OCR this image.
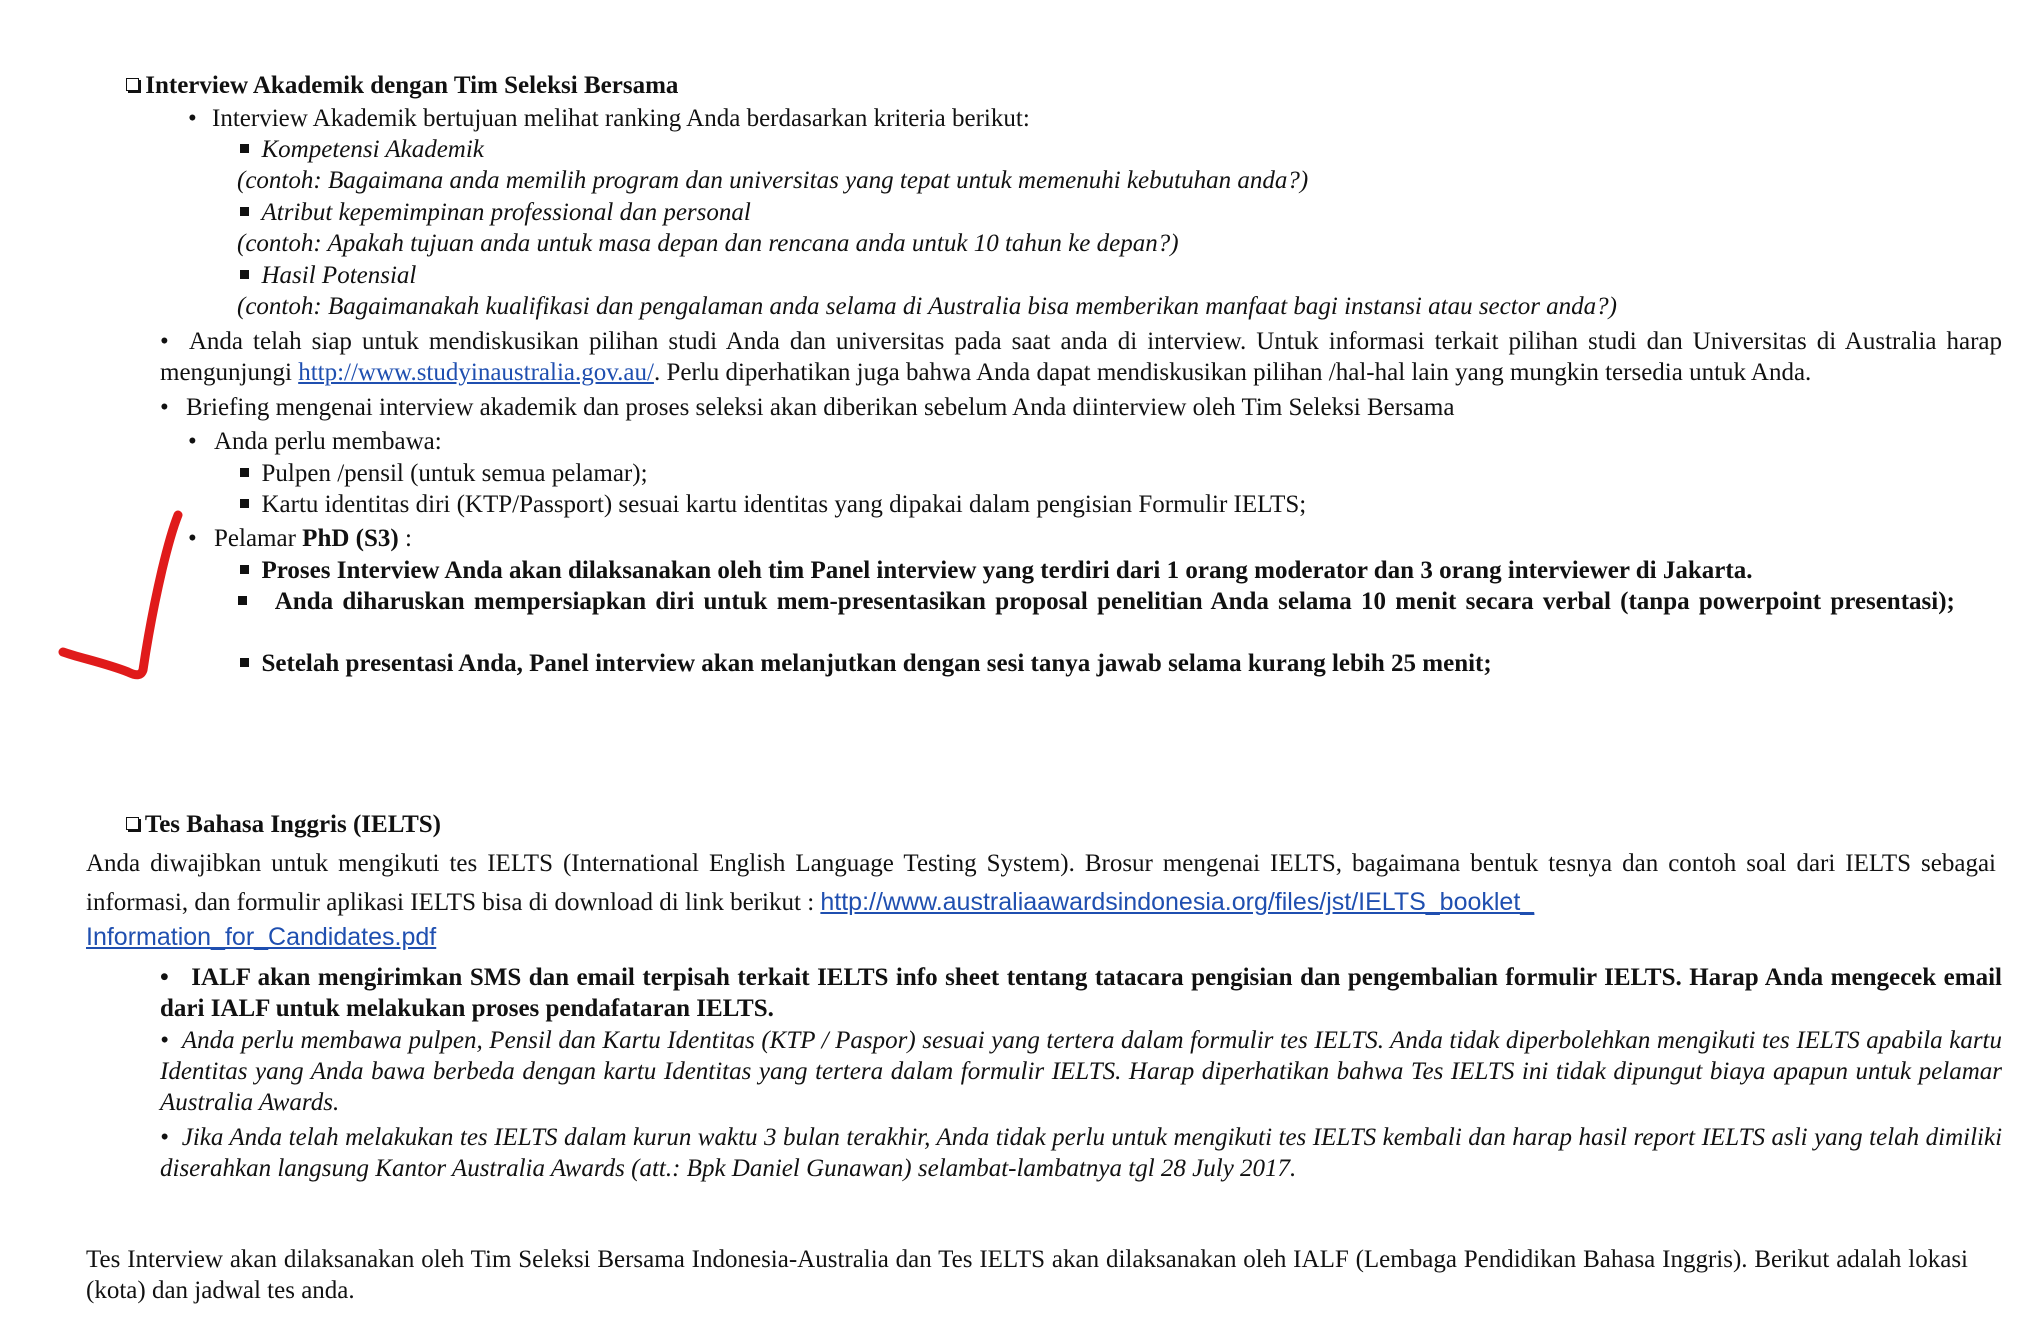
Interview Akademik dengan Tim Seleksi Bersama
• Interview Akademik bertujuan melihat ranking Anda berdasarkan kriteria berikut:
Kompetensi Akademik
(contoh: Bagaimana anda memilih program dan universitas yang tepat untuk memenuhi kebutuhan anda?)
Atribut kepemimpinan professional dan personal
(contoh: Apakah tujuan anda untuk masa depan dan rencana anda untuk 10 tahun ke depan?)
Hasil Potensial
(contoh: Bagaimanakah kualifikasi dan pengalaman anda selama di Australia bisa memberikan manfaat bagi instansi atau sector anda?)
• Anda telah siap untuk mendiskusikan pilihan studi Anda dan universitas pada saat anda di interview. Untuk informasi terkait pilihan studi dan Universitas di Australia harap mengunjungi http://www.studyinaustralia.gov.au/. Perlu diperhatikan juga bahwa Anda dapat mendiskusikan pilihan /hal-hal lain yang mungkin tersedia untuk Anda.
• Briefing mengenai interview akademik dan proses seleksi akan diberikan sebelum Anda diinterview oleh Tim Seleksi Bersama
• Anda perlu membawa:
Pulpen /pensil (untuk semua pelamar);
Kartu identitas diri (KTP/Passport) sesuai kartu identitas yang dipakai dalam pengisian Formulir IELTS;
• Pelamar PhD (S3) :
Proses Interview Anda akan dilaksanakan oleh tim Panel interview yang terdiri dari 1 orang moderator dan 3 orang interviewer di Jakarta.
Anda diharuskan mempersiapkan diri untuk mem-presentasikan proposal penelitian Anda selama 10 menit secara verbal (tanpa powerpoint presentasi);
Setelah presentasi Anda, Panel interview akan melanjutkan dengan sesi tanya jawab selama kurang lebih 25 menit;
Tes Bahasa Inggris (IELTS)
Anda diwajibkan untuk mengikuti tes IELTS (International English Language Testing System). Brosur mengenai IELTS, bagaimana bentuk tesnya dan contoh soal dari IELTS sebagai informasi, dan formulir aplikasi IELTS bisa di download di link berikut : http://www.australiaawardsindonesia.org/files/jst/IELTS_booklet_
Information_for_Candidates.pdf
• IALF akan mengirimkan SMS dan email terpisah terkait IELTS info sheet tentang tatacara pengisian dan pengembalian formulir IELTS. Harap Anda mengecek email dari IALF untuk melakukan proses pendafataran IELTS.
• Anda perlu membawa pulpen, Pensil dan Kartu Identitas (KTP / Paspor) sesuai yang tertera dalam formulir tes IELTS. Anda tidak diperbolehkan mengikuti tes IELTS apabila kartu Identitas yang Anda bawa berbeda dengan kartu Identitas yang tertera dalam formulir IELTS. Harap diperhatikan bahwa Tes IELTS ini tidak dipungut biaya apapun untuk pelamar Australia Awards.
• Jika Anda telah melakukan tes IELTS dalam kurun waktu 3 bulan terakhir, Anda tidak perlu untuk mengikuti tes IELTS kembali dan harap hasil report IELTS asli yang telah dimiliki diserahkan langsung Kantor Australia Awards (att.: Bpk Daniel Gunawan) selambat-lambatnya tgl 28 July 2017.
Tes Interview akan dilaksanakan oleh Tim Seleksi Bersama Indonesia-Australia dan Tes IELTS akan dilaksanakan oleh IALF (Lembaga Pendidikan Bahasa Inggris). Berikut adalah lokasi (kota) dan jadwal tes anda.
